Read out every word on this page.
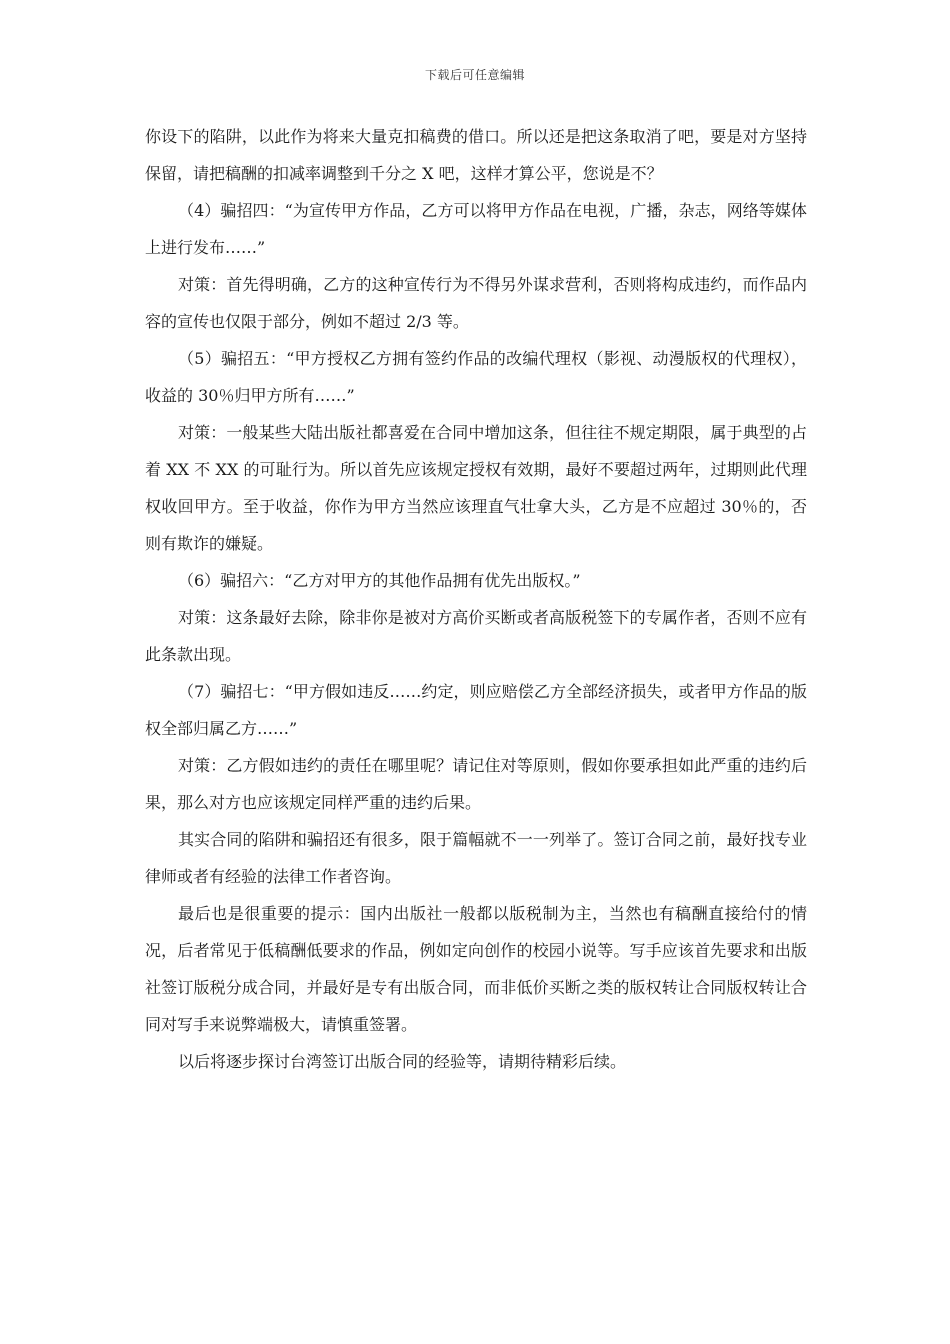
下载后可任意编辑

你设下的陷阱，以此作为将来大量克扣稿费的借口。所以还是把这条取消了吧，要是对方坚持保留，请把稿酬的扣减率调整到千分之 X 吧，这样才算公平，您说是不？

（4）骗招四：“为宣传甲方作品，乙方可以将甲方作品在电视，广播，杂志，网络等媒体上进行发布……”

对策：首先得明确，乙方的这种宣传行为不得另外谋求营利，否则将构成违约，而作品内容的宣传也仅限于部分，例如不超过 2/3 等。

（5）骗招五：“甲方授权乙方拥有签约作品的改编代理权（影视、动漫版权的代理权），收益的 30％归甲方所有……”

对策：一般某些大陆出版社都喜爱在合同中增加这条，但往往不规定期限，属于典型的占着 XX 不 XX 的可耻行为。所以首先应该规定授权有效期，最好不要超过两年，过期则此代理权收回甲方。至于收益，你作为甲方当然应该理直气壮拿大头，乙方是不应超过 30％的，否则有欺诈的嫌疑。

（6）骗招六：“乙方对甲方的其他作品拥有优先出版权。”

对策：这条最好去除，除非你是被对方高价买断或者高版税签下的专属作者，否则不应有此条款出现。

（7）骗招七：“甲方假如违反……约定，则应赔偿乙方全部经济损失，或者甲方作品的版权全部归属乙方……”

对策：乙方假如违约的责任在哪里呢？请记住对等原则，假如你要承担如此严重的违约后果，那么对方也应该规定同样严重的违约后果。

其实合同的陷阱和骗招还有很多，限于篇幅就不一一列举了。签订合同之前，最好找专业律师或者有经验的法律工作者咨询。

最后也是很重要的提示：国内出版社一般都以版税制为主，当然也有稿酬直接给付的情况，后者常见于低稿酬低要求的作品，例如定向创作的校园小说等。写手应该首先要求和出版社签订版税分成合同，并最好是专有出版合同，而非低价买断之类的版权转让合同版权转让合同对写手来说弊端极大，请慎重签署。

以后将逐步探讨台湾签订出版合同的经验等，请期待精彩后续。
